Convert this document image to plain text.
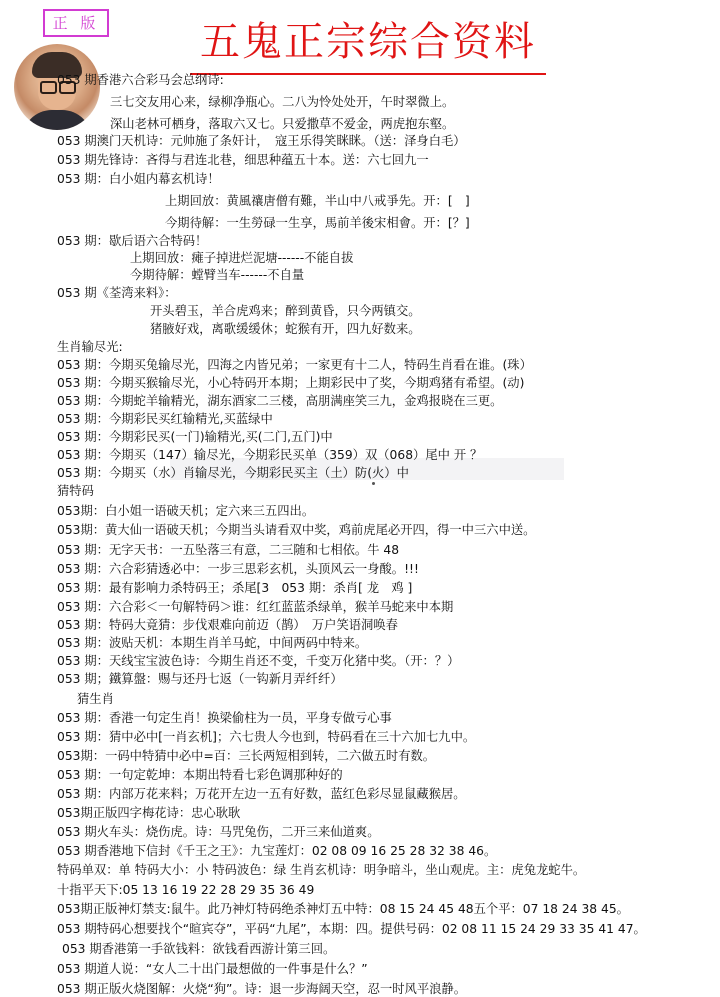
正 版	五鬼正宗综合资料
053 期香港六合彩马会总纲诗:
三七交友用心来，绿柳净瓶心。二八为怜处处开，午时翠微上。
深山老林可栖身，落取六又七。只爱撒草不爱金，两虎抱东壑。
053 期澳门天机诗：元帅施了条奸计，　寇王乐得笑眯眯。（送：泽身白毛）
053 期先锋诗：吝得与君连北巷，细思种蕴五十本。送：六七回九一
053 期：白小姐内幕玄机诗！
上期回放：黄風禳唐僧有難，半山中八戒爭先。开：[　]
今期待解：一生勞碌一生享，馬前羊後宋相會。开：[？]
053 期：歇后语六合特码！
上期回放：瘫子掉进烂泥塘------不能自拔
今期待解：螳臂当车------不自量
053 期《荃湾来料》：
开头碧玉，羊合虎鸡来；醉到黄昏，只今两镇交。
猪腋好戏，离歌缓缓休；蛇猴有开，四九好数来。
生肖输尽光:
053 期：今期买兔输尽光，四海之内皆兄弟；一家更有十二人，特码生肖看在谁。(珠）
053 期：今期买猴输尽光，小心特码开本期；上期彩民中了奖，今期鸡猪有希望。(动)
053 期：今期蛇羊输精光，湖东酒家二三楼，高朋满座笑三九，金鸡报晓在三更。
053 期：今期彩民买红输精光,买蓝绿中
053 期：今期彩民买(一门)输精光,买(二门,五门)中
053 期：今期买（147）输尽光，今期彩民买单（359）双（068）尾中 开 ？
053 期：今期买（水）肖输尽光，今期彩民买主（土）防(火）中
猜特码
053期：白小姐一语破天机；定六来三五四出。
053期：黄大仙一语破天机；今期当头请看双中奖，鸡前虎尾必开四，得一中三六中送。
053 期：无字天书：一五坠落三有意，二三随和七相依。牛 48
053 期：六合彩猜透必中：一步三思彩玄机，头顶风云一身酸。!!!
053 期：最有影响力杀特码王；杀尾[3　053 期：杀肖[ 龙　鸡 ]
053 期：六合彩＜一句解特码＞谁：红红蓝蓝杀绿单，猴羊马蛇来中本期
053 期：特码大竟猜：步伐艰难向前迈（鹊）　万户笑语洞唤春
053 期：波贴天机：本期生肖羊马蛇，中间两码中特来。
053 期：天线宝宝波色诗：今期生肖还不变，千变万化猪中奖。（开：？）
053 期；鐵算盤：赐与还丹七返（一钩新月弄纤纤）
猜生肖
053 期：香港一句定生肖！换梁偷柱为一员，平身专做亏心事
053 期：猜中必中[一肖玄机]；六七贵人今也到，特码看在三十六加七九中。
053期：一码中特猜中必中=百：三长两短相到转，二六做五时有数。
053 期：一句定乾坤：本期出特看七彩色调那种好的
053 期：内部万花来料；万花开左边一五有好数，蓝红色彩尽显鼠藏猴居。
053期正版四字梅花诗：忠心耿耿
053 期火车头：烧伤虎。诗：马咒兔伤，二开三来仙道爽。
053 期香港地下信封《千王之王》：九宝莲灯：02 08 09 16 25 28 32 38 46。
特码单双：单 特码大小：小 特码波色：绿 生肖玄机诗：明争暗斗，坐山观虎。主：虎兔龙蛇牛。
十指平天下:05 13 16 19 22 28 29 35 36 49
053期正版神灯禁支:鼠牛。此乃神灯特码绝杀神灯五中特：08 15 24 45 48五个平：07 18 24 38 45。
053 期特码心想要找个“暄宾夺”，平码“九尾”，本期：四。提供号码：02 08 11 15 24 29 33 35 41 47。
053 期香港第一手欲钱料：欲钱看西游计第三回。
053 期道人说：“女人二十出门最想做的一件事是什么？”
053 期正版火烧图解：火烧“狗”。诗：退一步海阔天空，忍一时风平浪静。
